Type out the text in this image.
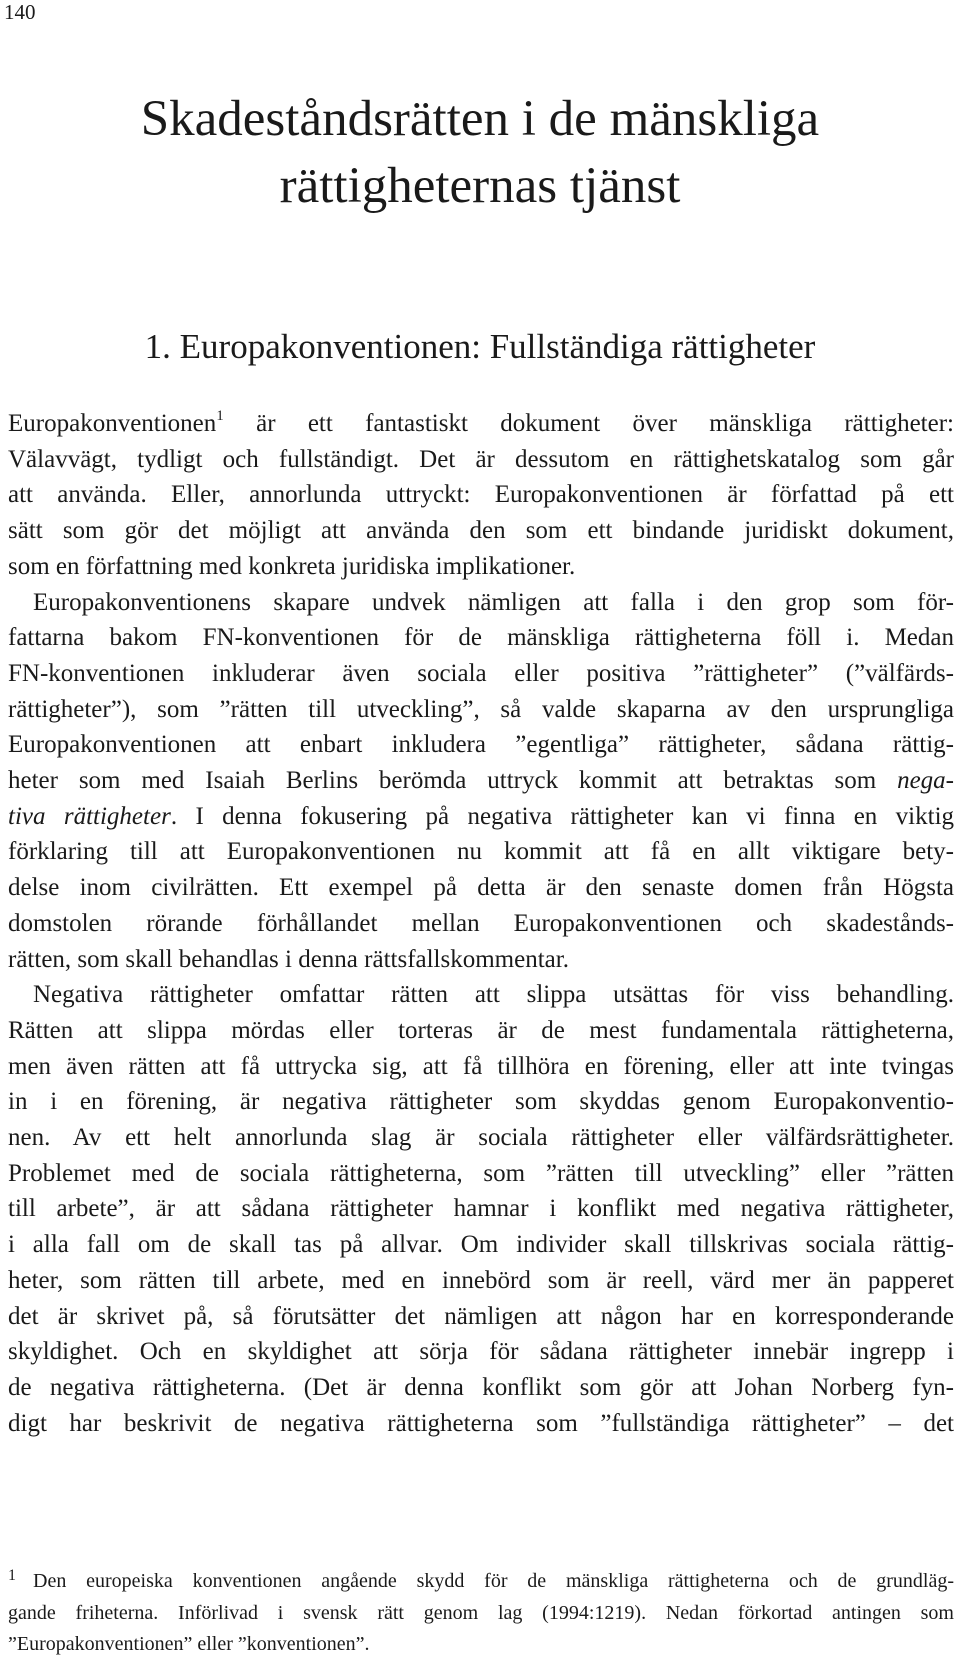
140
Skadeståndsrätten i de mänskliga
rättigheternas tjänst
1. Europakonventionen: Fullständiga rättigheter
Europakonventionen$^1$ är ett fantastiskt dokument över mänskliga rättigheter:
Välavvägt, tydligt och fullständigt. Det är dessutom en rättighetskatalog som går
att använda. Eller, annorlunda uttryckt: Europakonventionen är författad på ett
sätt som gör det möjligt att använda den som ett bindande juridiskt dokument,
som en författning med konkreta juridiska implikationer.
Europakonventionens skapare undvek nämligen att falla i den grop som för-
fattarna bakom FN-konventionen för de mänskliga rättigheterna föll i. Medan
FN-konventionen inkluderar även sociala eller positiva ”rättigheter” (”välfärds-
rättigheter”), som ”rätten till utveckling”, så valde skaparna av den ursprungliga
Europakonventionen att enbart inkludera ”egentliga” rättigheter, sådana rättig-
heter som med Isaiah Berlins berömda uttryck kommit att betraktas som nega-
tiva rättigheter. I denna fokusering på negativa rättigheter kan vi finna en viktig
förklaring till att Europakonventionen nu kommit att få en allt viktigare bety-
delse inom civilrätten. Ett exempel på detta är den senaste domen från Högsta
domstolen rörande förhållandet mellan Europakonventionen och skadestånds-
rätten, som skall behandlas i denna rättsfallskommentar.
Negativa rättigheter omfattar rätten att slippa utsättas för viss behandling.
Rätten att slippa mördas eller torteras är de mest fundamentala rättigheterna,
men även rätten att få uttrycka sig, att få tillhöra en förening, eller att inte tvingas
in i en förening, är negativa rättigheter som skyddas genom Europakonventio-
nen. Av ett helt annorlunda slag är sociala rättigheter eller välfärdsrättigheter.
Problemet med de sociala rättigheterna, som ”rätten till utveckling” eller ”rätten
till arbete”, är att sådana rättigheter hamnar i konflikt med negativa rättigheter,
i alla fall om de skall tas på allvar. Om individer skall tillskrivas sociala rättig-
heter, som rätten till arbete, med en innebörd som är reell, värd mer än papperet
det är skrivet på, så förutsätter det nämligen att någon har en korresponderande
skyldighet. Och en skyldighet att sörja för sådana rättigheter innebär ingrepp i
de negativa rättigheterna. (Det är denna konflikt som gör att Johan Norberg fyn-
digt har beskrivit de negativa rättigheterna som ”fullständiga rättigheter” – det
1 Den europeiska konventionen angående skydd för de mänskliga rättigheterna och de grundläg-
gande friheterna. Införlivad i svensk rätt genom lag (1994:1219). Nedan förkortad antingen som
”Europakonventionen” eller ”konventionen”.
